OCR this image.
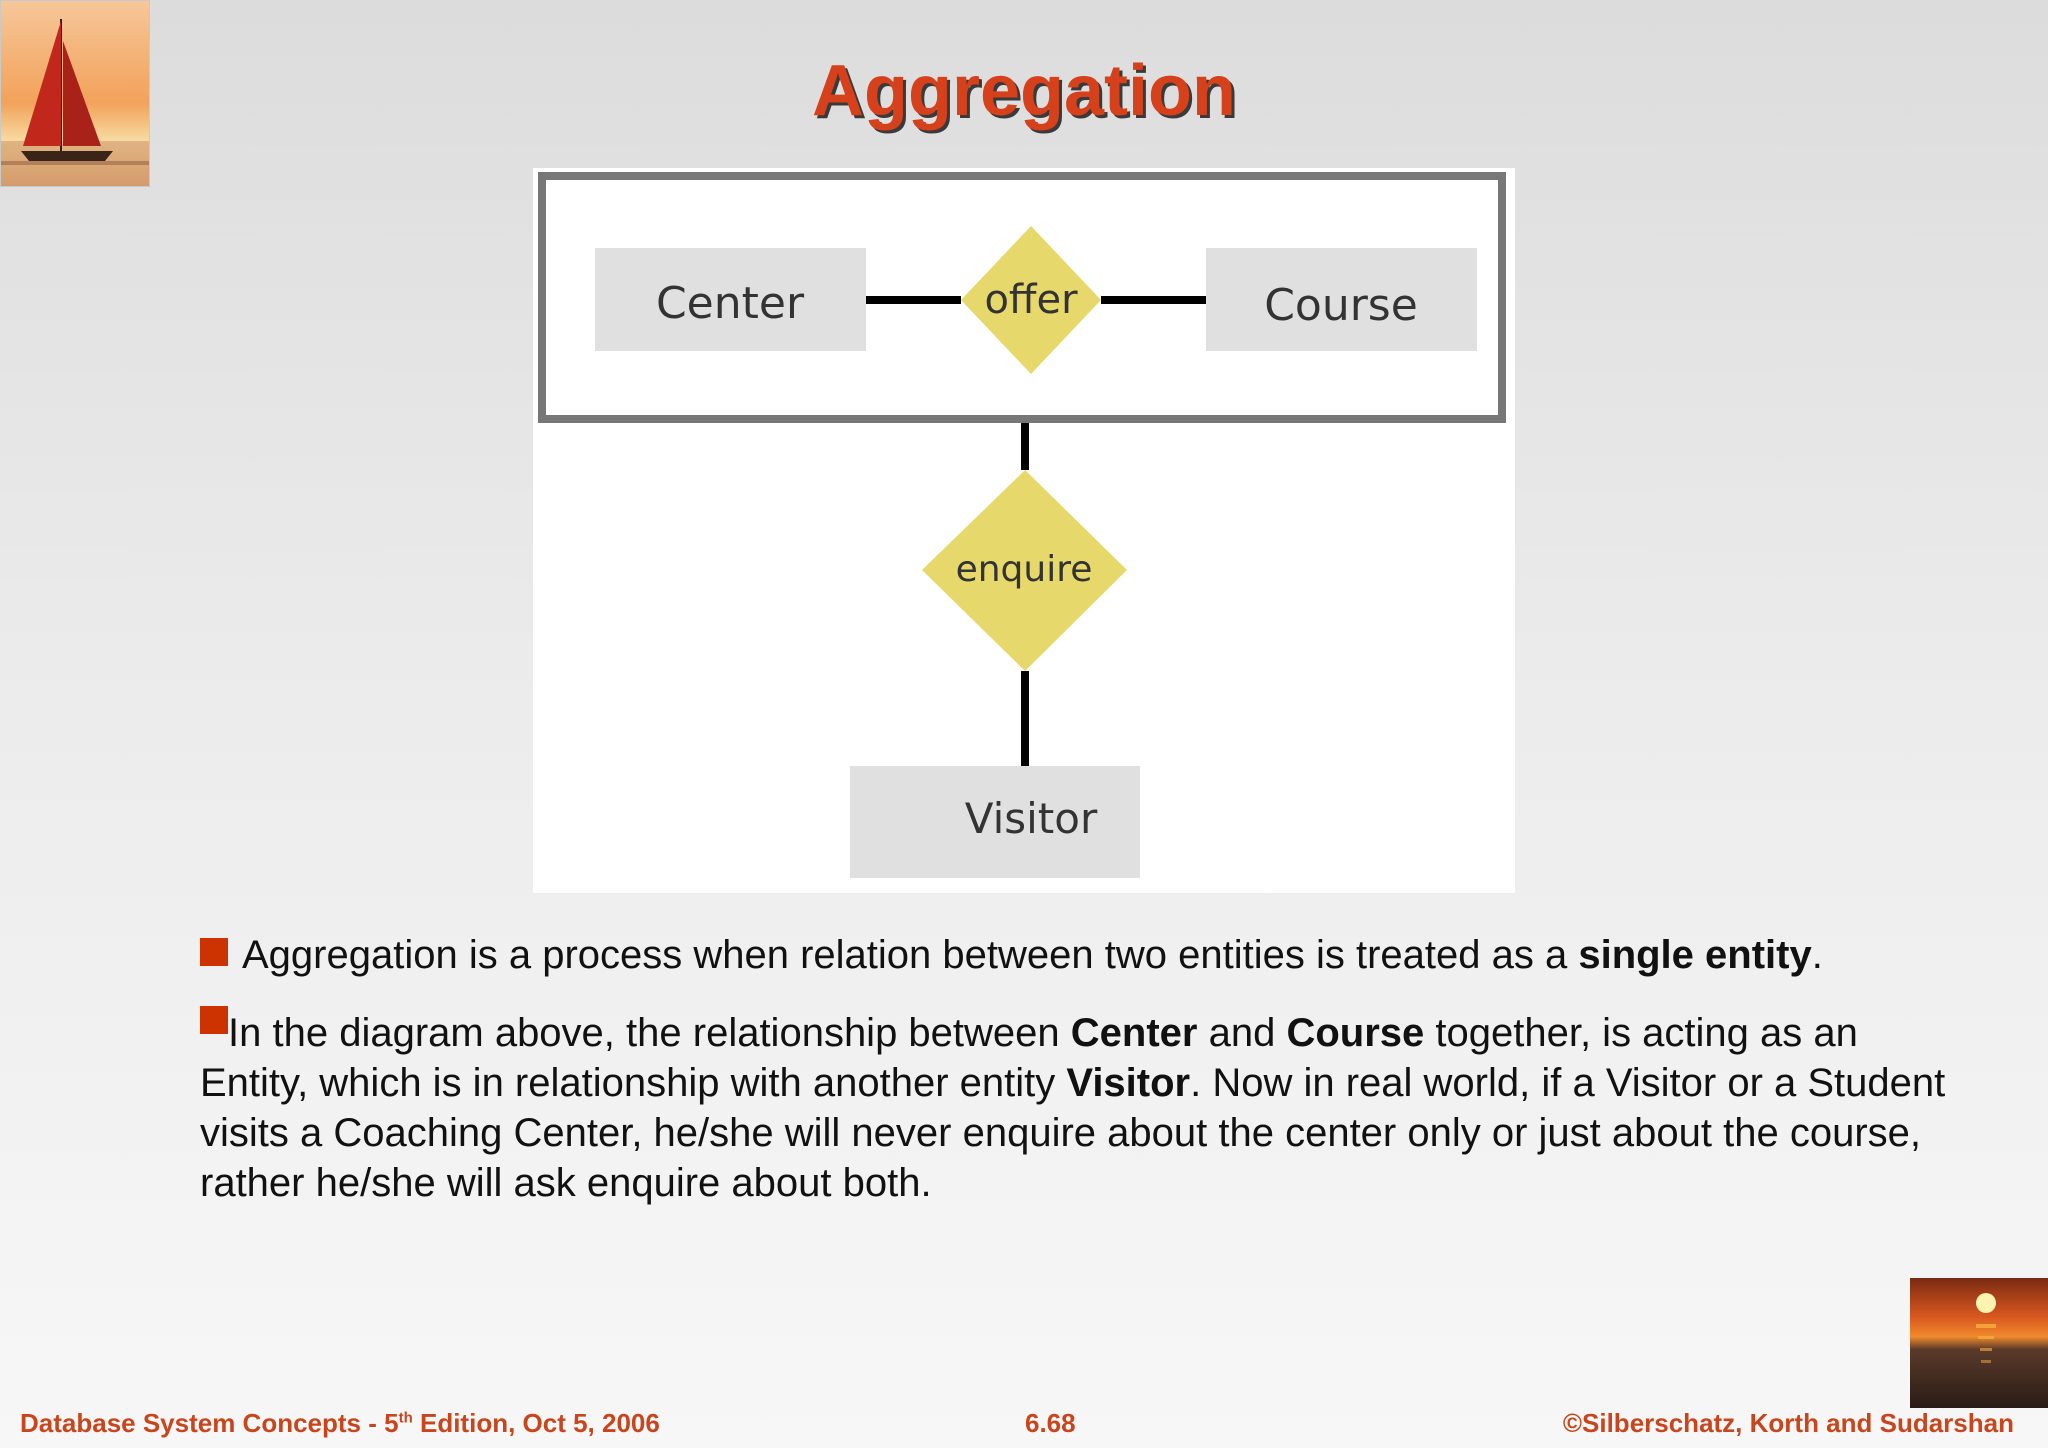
Aggregation
Center	Course
offer
enquire
Visitor
Aggregation is a process when relation between two entities is treated as a single entity.
In the diagram above, the relationship between Center and Course together, is acting as an Entity, which is in relationship with another entity Visitor. Now in real world, if a Visitor or a Student visits a Coaching Center, he/she will never enquire about the center only or just about the course, rather he/she will ask enquire about both.
Database System Concepts - 5th Edition, Oct 5, 2006	6.68	©Silberschatz, Korth and Sudarshan
